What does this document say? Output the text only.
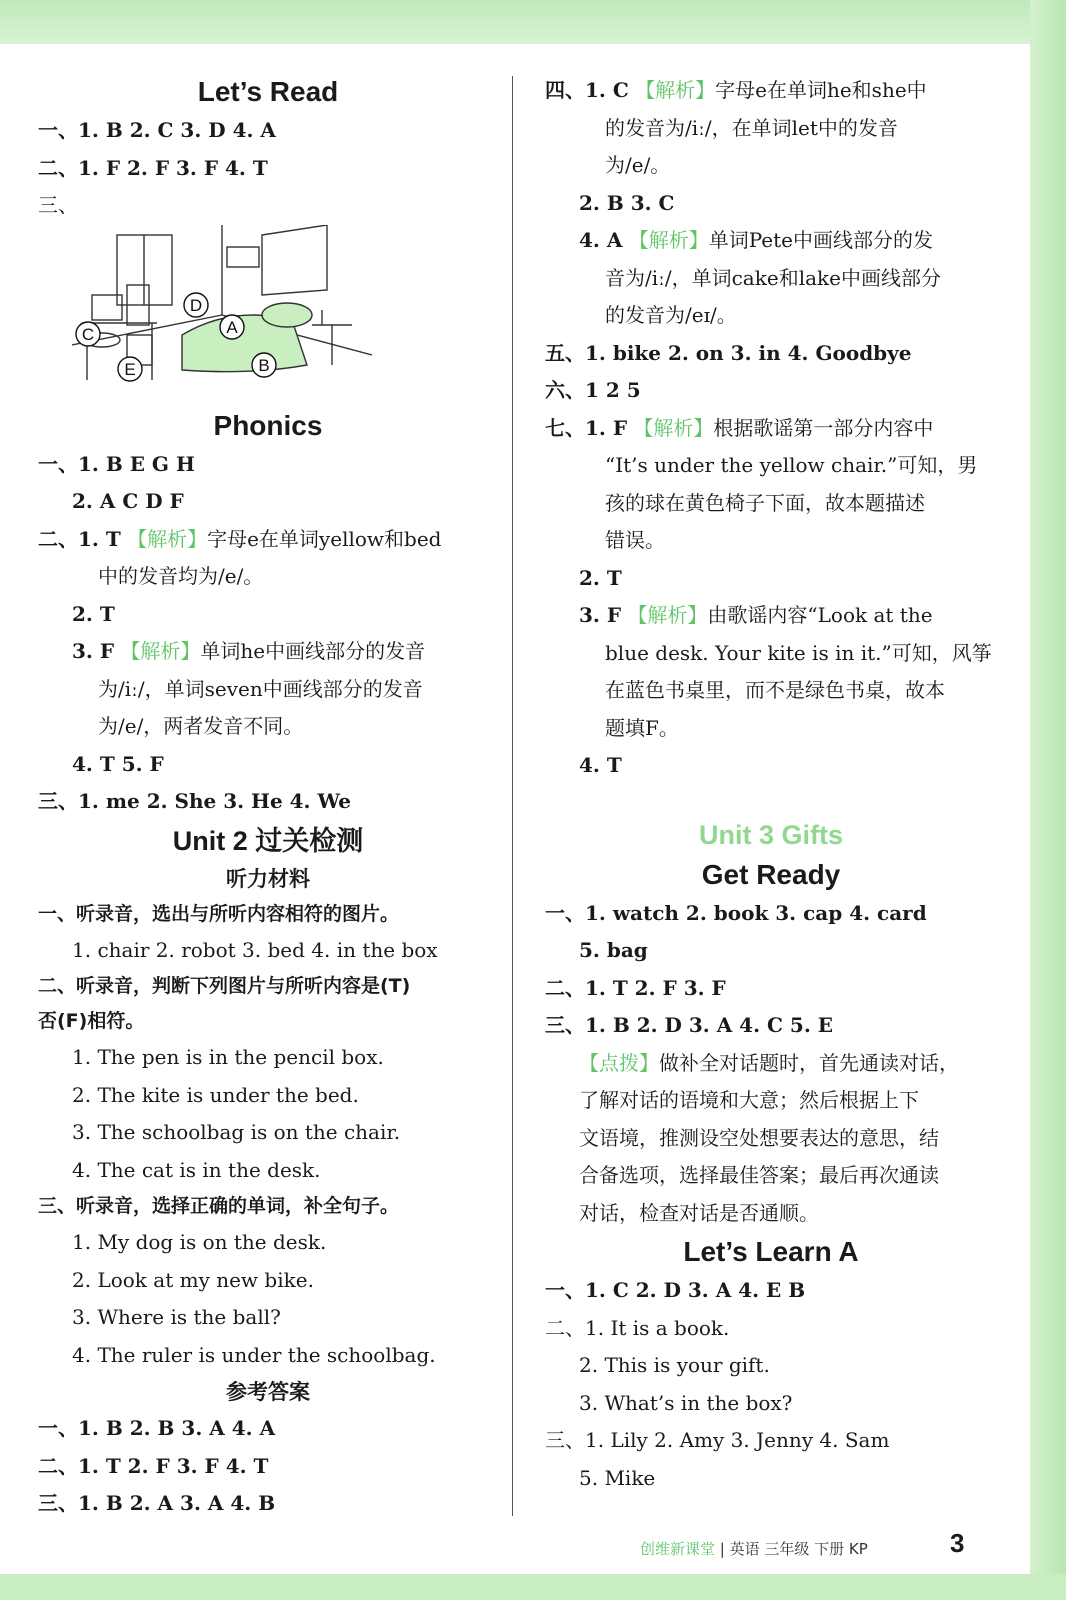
Let’s Read
一、1. B 2. C 3. D 4. A
二、1. F 2. F 3. F 4. T
三、
A
B
C
D
E
Phonics
一、1. B E G H
2. A C D F
二、1. T 【解析】字母e在单词yellow和bed
中的发音均为/e/。
2. T
3. F 【解析】单词he中画线部分的发音
为/iː/，单词seven中画线部分的发音
为/e/，两者发音不同。
4. T 5. F
三、1. me 2. She 3. He 4. We
Unit 2 过关检测
听力材料
一、听录音，选出与所听内容相符的图片。
1. chair 2. robot 3. bed 4. in the box
二、听录音，判断下列图片与所听内容是(T)
否(F)相符。
1. The pen is in the pencil box.
2. The kite is under the bed.
3. The schoolbag is on the chair.
4. The cat is in the desk.
三、听录音，选择正确的单词，补全句子。
1. My dog is on the desk.
2. Look at my new bike.
3. Where is the ball?
4. The ruler is under the schoolbag.
参考答案
一、1. B 2. B 3. A 4. A
二、1. T 2. F 3. F 4. T
三、1. B 2. A 3. A 4. B
四、1. C 【解析】字母e在单词he和she中
的发音为/iː/，在单词let中的发音
为/e/。
2. B 3. C
4. A 【解析】单词Pete中画线部分的发
音为/iː/，单词cake和lake中画线部分
的发音为/eɪ/。
五、1. bike 2. on 3. in 4. Goodbye
六、1 2 5
七、1. F 【解析】根据歌谣第一部分内容中
“It’s under the yellow chair.”可知，男
孩的球在黄色椅子下面，故本题描述
错误。
2. T
3. F 【解析】由歌谣内容“Look at the
blue desk. Your kite is in it.”可知，风筝
在蓝色书桌里，而不是绿色书桌，故本
题填F。
4. T
Unit 3 Gifts
Get Ready
一、1. watch 2. book 3. cap 4. card
5. bag
二、1. T 2. F 3. F
三、1. B 2. D 3. A 4. C 5. E
【点拨】做补全对话题时，首先通读对话，
了解对话的语境和大意；然后根据上下
文语境，推测设空处想要表达的意思，结
合备选项，选择最佳答案；最后再次通读
对话，检查对话是否通顺。
Let’s Learn A
一、1. C 2. D 3. A 4. E B
二、1. It is a book.
2. This is your gift.
3. What’s in the box?
三、1. Lily 2. Amy 3. Jenny 4. Sam
5. Mike
创维新课堂 | 英语 三年级 下册 KP	3
